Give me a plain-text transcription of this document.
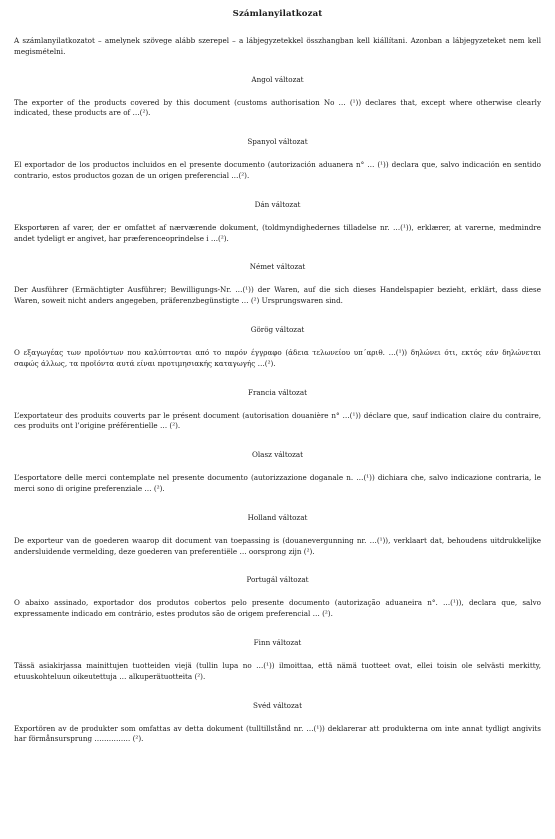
Számlanyilatkozat
A számlanyilatkozatot – amelynek szövege alább szerepel – a lábjegyzetekkel összhangban kell kiállítani. Azonban a lábjegyzeteket nem kell megismételni.
Angol változat
The exporter of the products covered by this document (customs authorisation No … (¹)) declares that, except where otherwise clearly indicated, these products are of …(²).
Spanyol változat
El exportador de los productos incluidos en el presente documento (autorización aduanera n° … (¹)) declara que, salvo indicación en sentido contrario, estos productos gozan de un origen preferencial …(²).
Dán változat
Eksportøren af varer, der er omfattet af nærværende dokument, (toldmyndighedernes tilladelse nr. …(¹)), erklærer, at varerne, medmindre andet tydeligt er angivet, har præferenceoprindelse i …(²).
Német változat
Der Ausführer (Ermächtigter Ausführer; Bewilligungs-Nr. …(¹)) der Waren, auf die sich dieses Handelspapier bezieht, erklärt, dass diese Waren, soweit nicht anders angegeben, präferenzbegünstigte … (²) Ursprungswaren sind.
Görög változat
Ο εξαγωγέας των προϊόντων που καλύπτονται από το παρόν έγγραφο (άδεια τελωνείου υπ΄αριθ. …(¹)) δηλώνει ότι, εκτός εάν δηλώνεται σαφώς άλλως, τα προϊόντα αυτά είναι προτιμησιακής καταγωγής …(²).
Francia változat
L’exportateur des produits couverts par le présent document (autorisation douanière n° …(¹)) déclare que, sauf indication claire du contraire, ces produits ont l’origine préférentielle … (²).
Olasz változat
L’esportatore delle merci contemplate nel presente documento (autorizzazione doganale n. …(¹)) dichiara che, salvo indicazione contraria, le merci sono di origine preferenziale … (²).
Holland változat
De exporteur van de goederen waarop dit document van toepassing is (douanevergunning nr. …(¹)), verklaart dat, behoudens uitdrukkelijke andersluidende vermelding, deze goederen van preferentiële … oorsprong zijn (²).
Portugál változat
O abaixo assinado, exportador dos produtos cobertos pelo presente documento (autorização aduaneira n°. …(¹)), declara que, salvo expressamente indicado em contrário, estes produtos são de origem preferencial … (²).
Finn változat
Tässä asiakirjassa mainittujen tuotteiden viejä (tullin lupa no …(¹)) ilmoittaa, että nämä tuotteet ovat, ellei toisin ole selvästi merkitty, etuuskohteluun oikeutettuja … alkuperätuotteita (²).
Svéd változat
Exportören av de produkter som omfattas av detta dokument (tulltillstånd nr. …(¹)) deklarerar att produkterna om inte annat tydligt angivits har förmånsursprung …………… (²).
